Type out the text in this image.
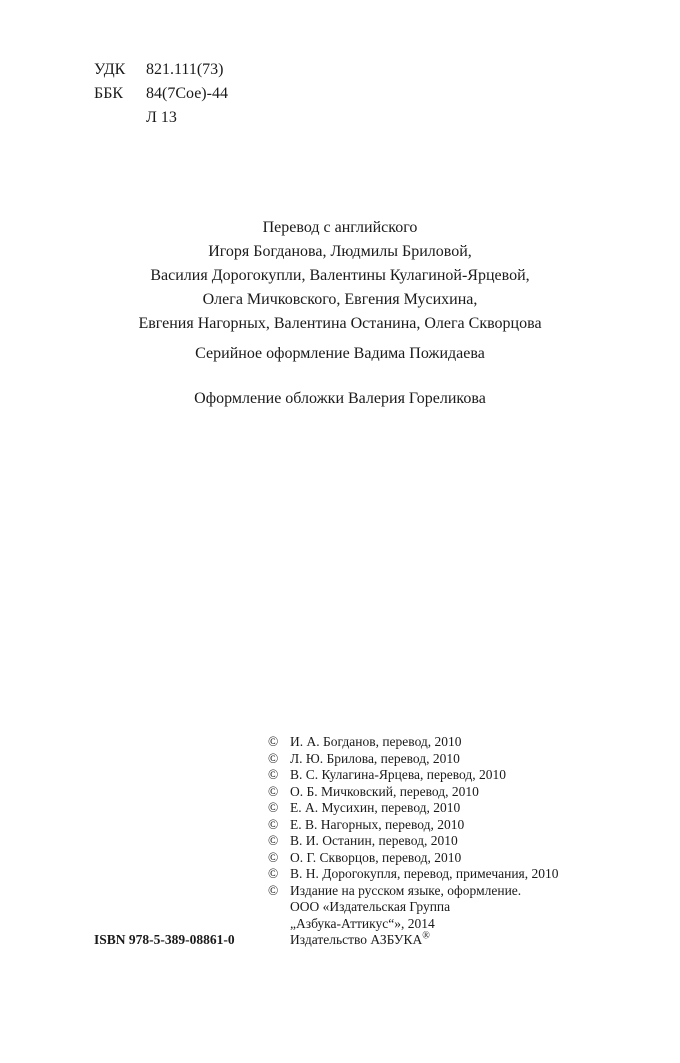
УДК	821.111(73)
ББК	84(7Сое)-44
Л 13
Перевод с английского
Игоря Богданова, Людмилы Бриловой,
Василия Дорогокупли, Валентины Кулагиной-Ярцевой,
Олега Мичковского, Евгения Мусихина,
Евгения Нагорных, Валентина Останина, Олега Скворцова
Серийное оформление Вадима Пожидаева
Оформление обложки Валерия Гореликова
© И. А. Богданов, перевод, 2010
© Л. Ю. Брилова, перевод, 2010
© В. С. Кулагина-Ярцева, перевод, 2010
© О. Б. Мичковский, перевод, 2010
© Е. А. Мусихин, перевод, 2010
© Е. В. Нагорных, перевод, 2010
© В. И. Останин, перевод, 2010
© О. Г. Скворцов, перевод, 2010
© В. Н. Дорогокупля, перевод, примечания, 2010
© Издание на русском языке, оформление.
ООО «Издательская Группа
„Азбука-Аттикус“», 2014
Издательство АЗБУКА®
ISBN 978-5-389-08861-0
